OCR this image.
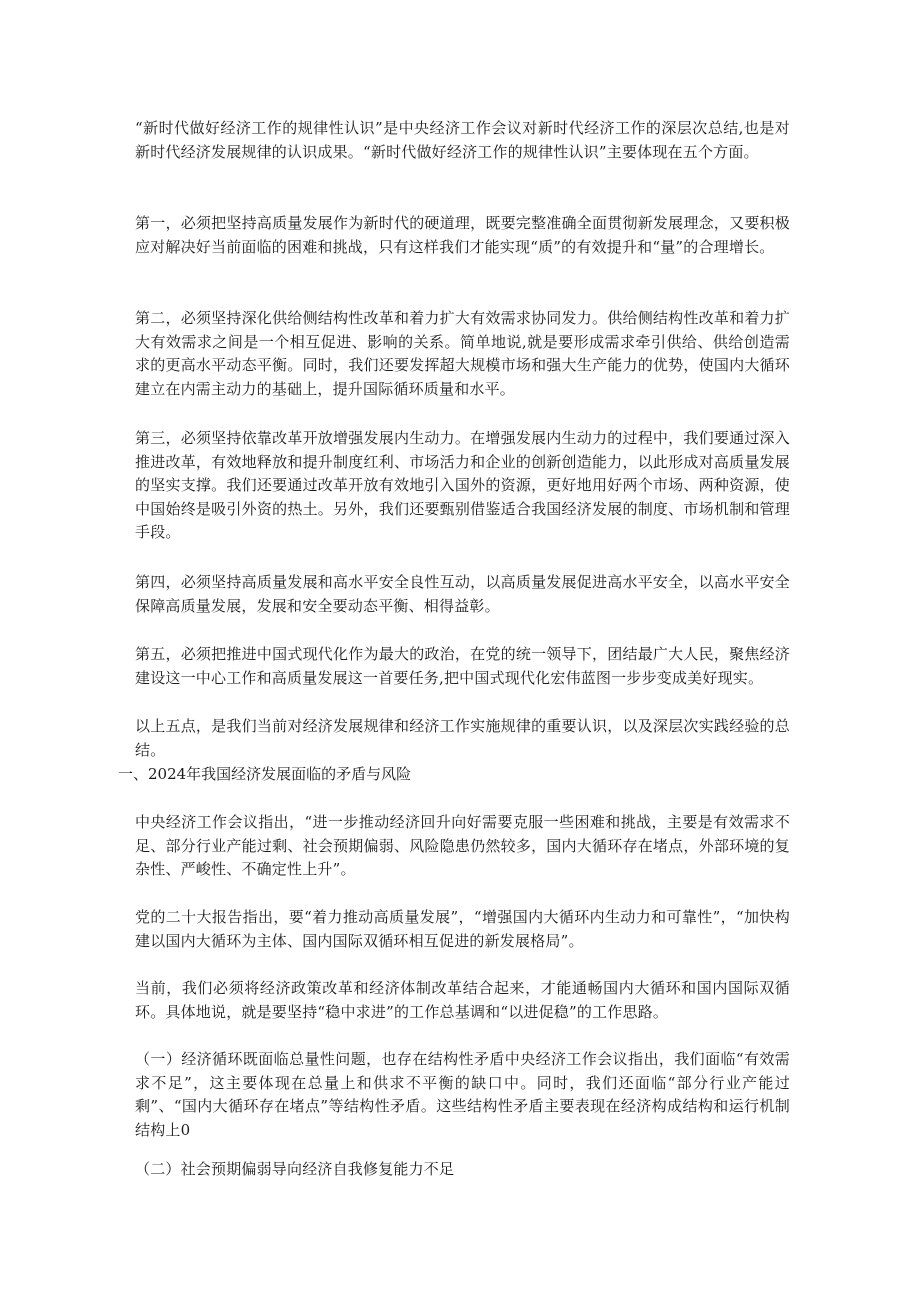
“新时代做好经济工作的规律性认识”是中央经济工作会议对新时代经济工作的深层次总结,也是对新时代经济发展规律的认识成果。“新时代做好经济工作的规律性认识”主要体现在五个方面。

第一，必须把坚持高质量发展作为新时代的硬道理，既要完整准确全面贯彻新发展理念，又要积极应对解决好当前面临的困难和挑战，只有这样我们才能实现“质”的有效提升和“量”的合理增长。

第二，必须坚持深化供给侧结构性改革和着力扩大有效需求协同发力。供给侧结构性改革和着力扩大有效需求之间是一个相互促进、影响的关系。简单地说,就是要形成需求牵引供给、供给创造需求的更高水平动态平衡。同时，我们还要发挥超大规模市场和强大生产能力的优势，使国内大循环建立在内需主动力的基础上，提升国际循环质量和水平。

第三，必须坚持依靠改革开放增强发展内生动力。在增强发展内生动力的过程中，我们要通过深入推进改革，有效地释放和提升制度红利、市场活力和企业的创新创造能力，以此形成对高质量发展的坚实支撑。我们还要通过改革开放有效地引入国外的资源，更好地用好两个市场、两种资源，使中国始终是吸引外资的热土。另外，我们还要甄别借鉴适合我国经济发展的制度、市场机制和管理手段。

第四，必须坚持高质量发展和高水平安全良性互动，以高质量发展促进高水平安全，以高水平安全保障高质量发展，发展和安全要动态平衡、相得益彰。

第五，必须把推进中国式现代化作为最大的政治，在党的统一领导下，团结最广大人民，聚焦经济建设这一中心工作和高质量发展这一首要任务,把中国式现代化宏伟蓝图一步步变成美好现实。

以上五点，是我们当前对经济发展规律和经济工作实施规律的重要认识，以及深层次实践经验的总结。

一、2024年我国经济发展面临的矛盾与风险

中央经济工作会议指出，“进一步推动经济回升向好需要克服一些困难和挑战，主要是有效需求不足、部分行业产能过剩、社会预期偏弱、风险隐患仍然较多，国内大循环存在堵点，外部环境的复杂性、严峻性、不确定性上升”。

党的二十大报告指出，要“着力推动高质量发展”，“增强国内大循环内生动力和可靠性”，“加快构建以国内大循环为主体、国内国际双循环相互促进的新发展格局”。

当前，我们必须将经济政策改革和经济体制改革结合起来，才能通畅国内大循环和国内国际双循环。具体地说，就是要坚持“稳中求进”的工作总基调和“以进促稳”的工作思路。

（一）经济循环既面临总量性问题，也存在结构性矛盾中央经济工作会议指出，我们面临“有效需求不足”，这主要体现在总量上和供求不平衡的缺口中。同时，我们还面临“部分行业产能过剩”、“国内大循环存在堵点”等结构性矛盾。这些结构性矛盾主要表现在经济构成结构和运行机制结构上0

（二）社会预期偏弱导向经济自我修复能力不足
